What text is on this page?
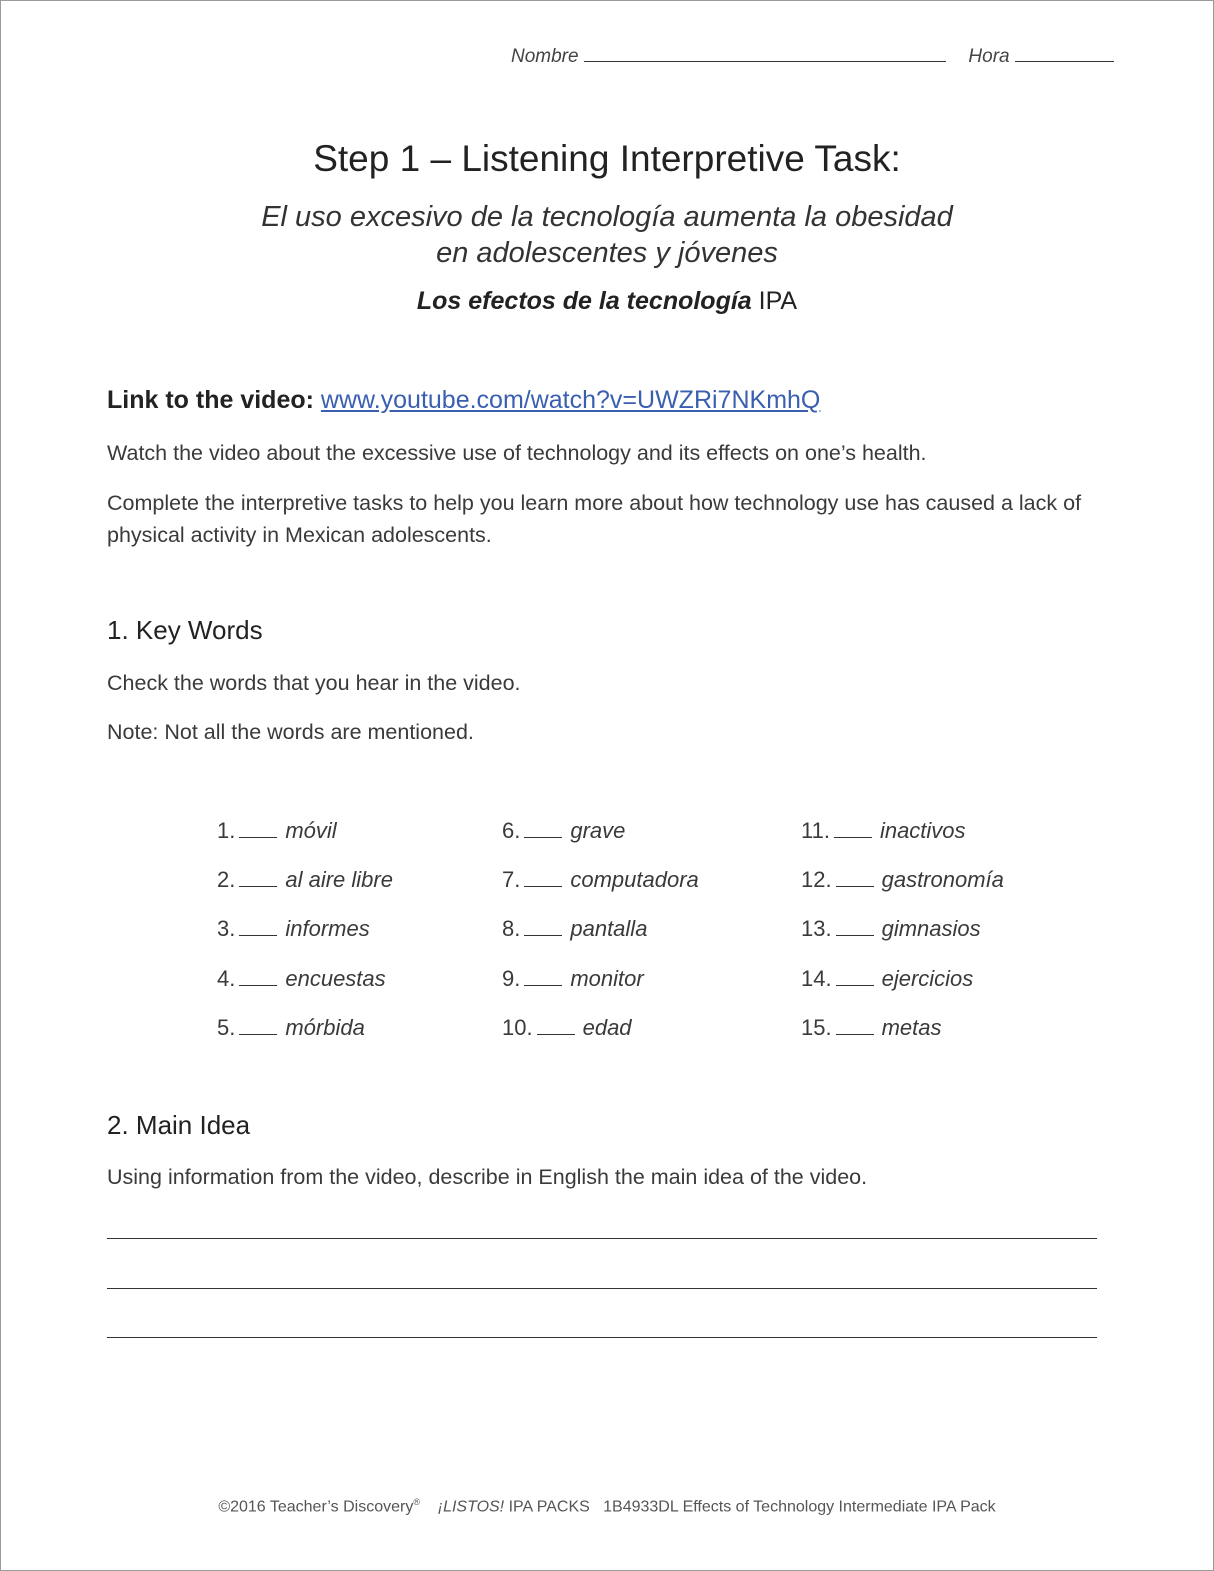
Nombre	Hora
Step 1 – Listening Interpretive Task:
El uso excesivo de la tecnología aumenta la obesidad
en adolescentes y jóvenes
Los efectos de la tecnología IPA
Link to the video: www.youtube.com/watch?v=UWZRi7NKmhQ
Watch the video about the excessive use of technology and its effects on one’s health.
Complete the interpretive tasks to help you learn more about how technology use has caused a lack of physical activity in Mexican adolescents.
1. Key Words
Check the words that you hear in the video.
Note: Not all the words are mentioned.
1. móvil
2. al aire libre
3. informes
4. encuestas
5. mórbida
6. grave
7. computadora
8. pantalla
9. monitor
10. edad
11. inactivos
12. gastronomía
13. gimnasios
14. ejercicios
15. metas
2. Main Idea
Using information from the video, describe in English the main idea of the video.
©2016 Teacher’s Discovery® ¡LISTOS! IPA PACKS   1B4933DL Effects of Technology Intermediate IPA Pack
